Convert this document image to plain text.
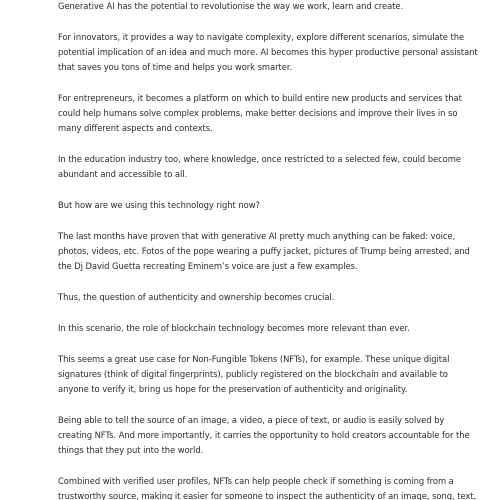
Generative AI has the potential to revolutionise the way we work, learn and create.

For innovators, it provides a way to navigate complexity, explore different scenarios, simulate the
potential implication of an idea and much more. AI becomes this hyper productive personal assistant
that saves you tons of time and helps you work smarter.

For entrepreneurs, it becomes a platform on which to build entire new products and services that
could help humans solve complex problems, make better decisions and improve their lives in so
many different aspects and contexts.

In the education industry too, where knowledge, once restricted to a selected few, could become
abundant and accessible to all.

But how are we using this technology right now?

The last months have proven that with generative AI pretty much anything can be faked: voice,
photos, videos, etc. Fotos of the pope wearing a puffy jacket, pictures of Trump being arrested, and
the Dj David Guetta recreating Eminem’s voice are just a few examples.

Thus, the question of authenticity and ownership becomes crucial.

In this scenario, the role of blockchain technology becomes more relevant than ever.

This seems a great use case for Non-Fungible Tokens (NFTs), for example. These unique digital
signatures (think of digital fingerprints), publicly registered on the blockchain and available to
anyone to verify it, bring us hope for the preservation of authenticity and originality.

Being able to tell the source of an image, a video, a piece of text, or audio is easily solved by
creating NFTs. And more importantly, it carries the opportunity to hold creators accountable for the
things that they put into the world.

Combined with verified user profiles, NFTs can help people check if something is coming from a
trustworthy source, making it easier for someone to inspect the authenticity of an image, song, text,
